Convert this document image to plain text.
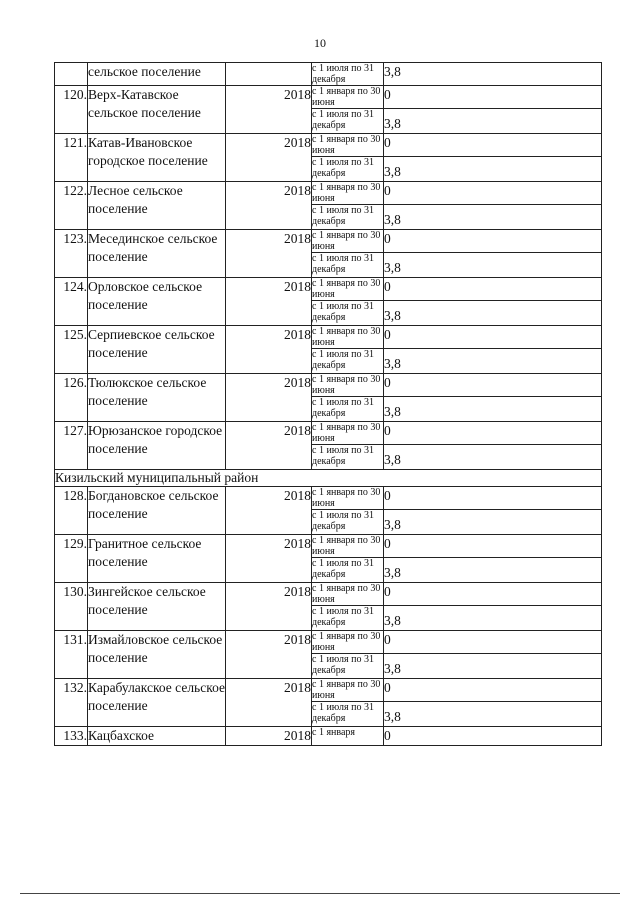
10
	сельское поселение		с 1 июля по 31 декабря	3,8
120.	Верх-Катавское сельское поселение	2018	с 1 января по 30 июня	0
			с 1 июля по 31 декабря	3,8
121.	Катав-Ивановское городское поселение	2018	с 1 января по 30 июня	0
			с 1 июля по 31 декабря	3,8
122.	Лесное сельское поселение	2018	с 1 января по 30 июня	0
			с 1 июля по 31 декабря	3,8
123.	Месединское сельское поселение	2018	с 1 января по 30 июня	0
			с 1 июля по 31 декабря	3,8
124.	Орловское сельское поселение	2018	с 1 января по 30 июня	0
			с 1 июля по 31 декабря	3,8
125.	Серпиевское сельское поселение	2018	с 1 января по 30 июня	0
			с 1 июля по 31 декабря	3,8
126.	Тюлюкское сельское поселение	2018	с 1 января по 30 июня	0
			с 1 июля по 31 декабря	3,8
127.	Юрюзанское городское поселение	2018	с 1 января по 30 июня	0
			с 1 июля по 31 декабря	3,8
Кизильский муниципальный район				
128.	Богдановское сельское поселение	2018	с 1 января по 30 июня	0
			с 1 июля по 31 декабря	3,8
129.	Гранитное сельское поселение	2018	с 1 января по 30 июня	0
			с 1 июля по 31 декабря	3,8
130.	Зингейское сельское поселение	2018	с 1 января по 30 июня	0
			с 1 июля по 31 декабря	3,8
131.	Измайловское сельское поселение	2018	с 1 января по 30 июня	0
			с 1 июля по 31 декабря	3,8
132.	Карабулакское сельское поселение	2018	с 1 января по 30 июня	0
			с 1 июля по 31 декабря	3,8
133.	Кацбахское	2018	с 1 января	0
